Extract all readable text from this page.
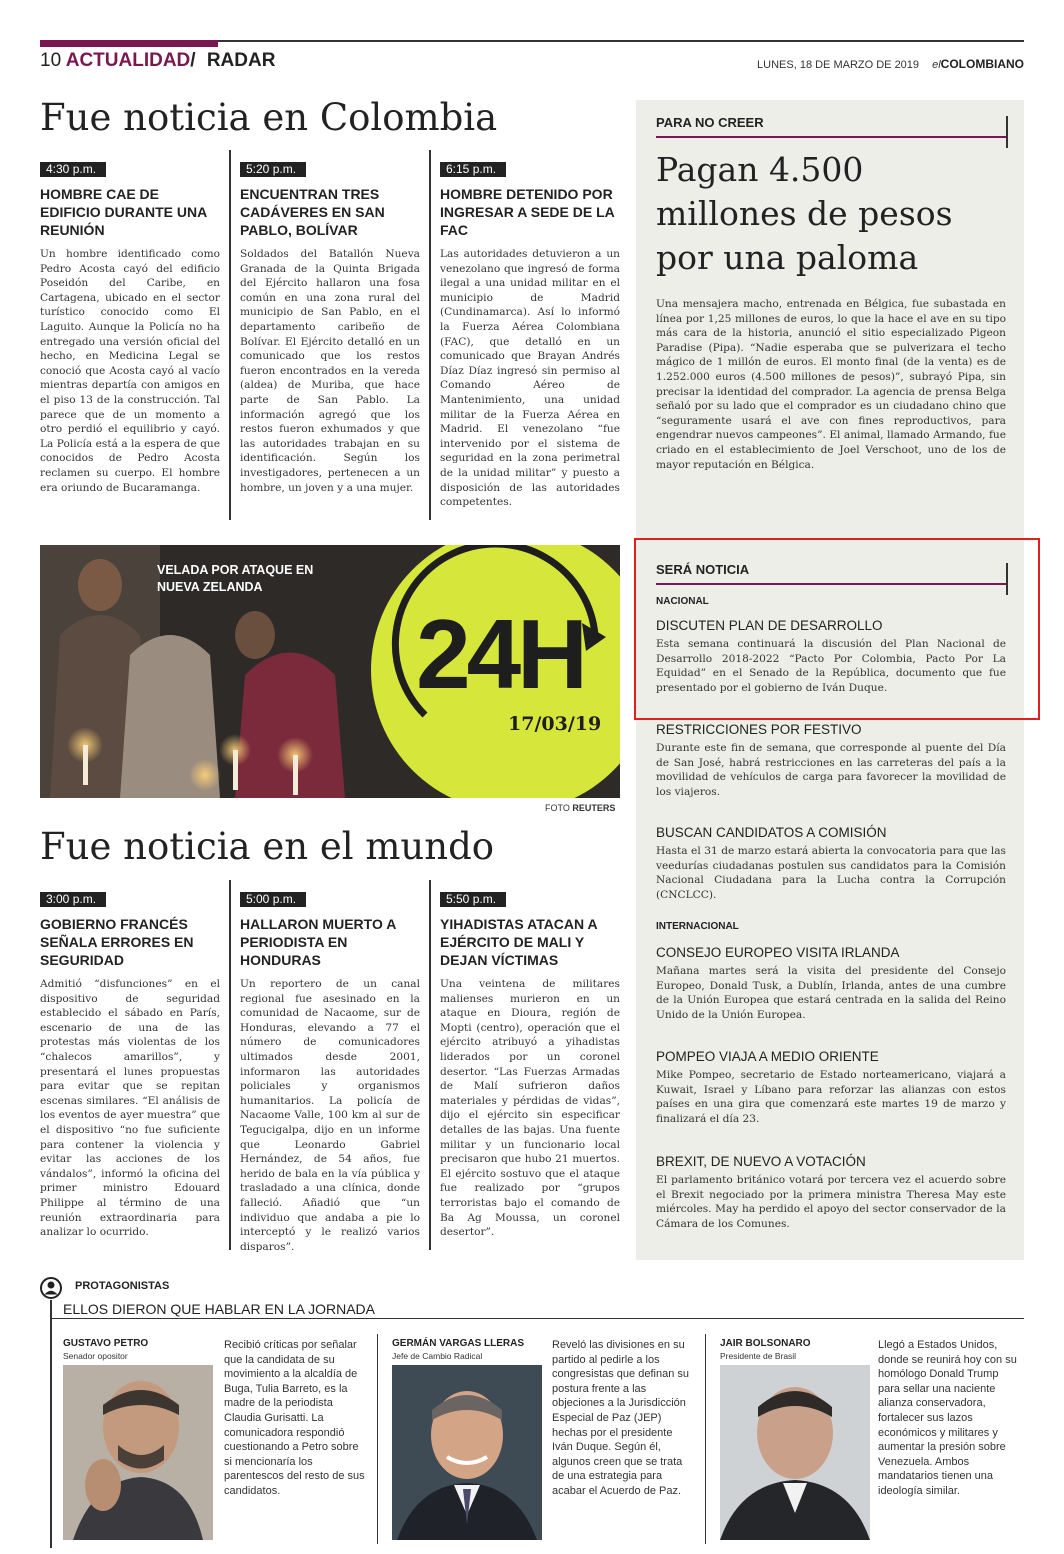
10 ACTUALIDAD/ RADAR	LUNES, 18 DE MARZO DE 2019 elCOLOMBIANO
Fue noticia en Colombia
4:30 p.m.
HOMBRE CAE DE EDIFICIO DURANTE UNA REUNIÓN
Un hombre identificado como Pedro Acosta cayó del edificio Poseidón del Caribe, en Cartagena, ubicado en el sector turístico conocido como El Laguito. Aunque la Policía no ha entregado una versión oficial del hecho, en Medicina Legal se conoció que Acosta cayó al vacío mientras departía con amigos en el piso 13 de la construcción. Tal parece que de un momento a otro perdió el equilibrio y cayó. La Policía está a la espera de que conocidos de Pedro Acosta reclamen su cuerpo. El hombre era oriundo de Bucaramanga.
5:20 p.m.
ENCUENTRAN TRES CADÁVERES EN SAN PABLO, BOLÍVAR
Soldados del Batallón Nueva Granada de la Quinta Brigada del Ejército hallaron una fosa común en una zona rural del municipio de San Pablo, en el departamento caribeño de Bolívar. El Ejército detalló en un comunicado que los restos fueron encontrados en la vereda (aldea) de Muriba, que hace parte de San Pablo. La información agregó que los restos fueron exhumados y que las autoridades trabajan en su identificación. Según los investigadores, pertenecen a un hombre, un joven y a una mujer.
6:15 p.m.
HOMBRE DETENIDO POR INGRESAR A SEDE DE LA FAC
Las autoridades detuvieron a un venezolano que ingresó de forma ilegal a una unidad militar en el municipio de Madrid (Cundinamarca). Así lo informó la Fuerza Aérea Colombiana (FAC), que detalló en un comunicado que Brayan Andrés Díaz Díaz ingresó sin permiso al Comando Aéreo de Mantenimiento, una unidad militar de la Fuerza Aérea en Madrid. El venezolano “fue intervenido por el sistema de seguridad en la zona perimetral de la unidad militar” y puesto a disposición de las autoridades competentes.
24H
17/03/19
VELADA POR ATAQUE EN NUEVA ZELANDA
FOTO REUTERS
Fue noticia en el mundo
3:00 p.m.
GOBIERNO FRANCÉS SEÑALA ERRORES EN SEGURIDAD
Admitió “disfunciones” en el dispositivo de seguridad establecido el sábado en París, escenario de una de las protestas más violentas de los “chalecos amarillos”, y presentará el lunes propuestas para evitar que se repitan escenas similares. “El análisis de los eventos de ayer muestra” que el dispositivo “no fue suficiente para contener la violencia y evitar las acciones de los vándalos”, informó la oficina del primer ministro Edouard Philippe al término de una reunión extraordinaria para analizar lo ocurrido.
5:00 p.m.
HALLARON MUERTO A PERIODISTA EN HONDURAS
Un reportero de un canal regional fue asesinado en la comunidad de Nacaome, sur de Honduras, elevando a 77 el número de comunicadores ultimados desde 2001, informaron las autoridades policiales y organismos humanitarios. La policía de Nacaome Valle, 100 km al sur de Tegucigalpa, dijo en un informe que Leonardo Gabriel Hernández, de 54 años, fue herido de bala en la vía pública y trasladado a una clínica, donde falleció. Añadió que “un individuo que andaba a pie lo interceptó y le realizó varios disparos”.
5:50 p.m.
YIHADISTAS ATACAN A EJÉRCITO DE MALI Y DEJAN VÍCTIMAS
Una veintena de militares malienses murieron en un ataque en Dioura, región de Mopti (centro), operación que el ejército atribuyó a yihadistas liderados por un coronel desertor. “Las Fuerzas Armadas de Malí sufrieron daños materiales y pérdidas de vidas”, dijo el ejército sin especificar detalles de las bajas. Una fuente militar y un funcionario local precisaron que hubo 21 muertos. El ejército sostuvo que el ataque fue realizado por “grupos terroristas bajo el comando de Ba Ag Moussa, un coronel desertor”.
PARA NO CREER
Pagan 4.500 millones de pesos por una paloma
Una mensajera macho, entrenada en Bélgica, fue subastada en línea por 1,25 millones de euros, lo que la hace el ave en su tipo más cara de la historia, anunció el sitio especializado Pigeon Paradise (Pipa). “Nadie esperaba que se pulverizara el techo mágico de 1 millón de euros. El monto final (de la venta) es de 1.252.000 euros (4.500 millones de pesos)”, subrayó Pipa, sin precisar la identidad del comprador. La agencia de prensa Belga señaló por su lado que el comprador es un ciudadano chino que “seguramente usará el ave con fines reproductivos, para engendrar nuevos campeones”. El animal, llamado Armando, fue criado en el establecimiento de Joel Verschoot, uno de los de mayor reputación en Bélgica.
SERÁ NOTICIA
NACIONAL
DISCUTEN PLAN DE DESARROLLO
Esta semana continuará la discusión del Plan Nacional de Desarrollo 2018-2022 “Pacto Por Colombia, Pacto Por La Equidad” en el Senado de la República, documento que fue presentado por el gobierno de Iván Duque.
RESTRICCIONES POR FESTIVO
Durante este fin de semana, que corresponde al puente del Día de San José, habrá restricciones en las carreteras del país a la movilidad de vehículos de carga para favorecer la movilidad de los viajeros.
BUSCAN CANDIDATOS A COMISIÓN
Hasta el 31 de marzo estará abierta la convocatoria para que las veedurías ciudadanas postulen sus candidatos para la Comisión Nacional Ciudadana para la Lucha contra la Corrupción (CNCLCC).
INTERNACIONAL
CONSEJO EUROPEO VISITA IRLANDA
Mañana martes será la visita del presidente del Consejo Europeo, Donald Tusk, a Dublín, Irlanda, antes de una cumbre de la Unión Europea que estará centrada en la salida del Reino Unido de la Unión Europea.
POMPEO VIAJA A MEDIO ORIENTE
Mike Pompeo, secretario de Estado norteamericano, viajará a Kuwait, Israel y Líbano para reforzar las alianzas con estos países en una gira que comenzará este martes 19 de marzo y finalizará el día 23.
BREXIT, DE NUEVO A VOTACIÓN
El parlamento británico votará por tercera vez el acuerdo sobre el Brexit negociado por la primera ministra Theresa May este miércoles. May ha perdido el apoyo del sector conservador de la Cámara de los Comunes.
PROTAGONISTAS
ELLOS DIERON QUE HABLAR EN LA JORNADA
GUSTAVO PETRO
Senador opositor
Recibió críticas por señalar que la candidata de su movimiento a la alcaldía de Buga, Tulia Barreto, es la madre de la periodista Claudia Gurisatti. La comunicadora respondió cuestionando a Petro sobre si mencionaría los parentescos del resto de sus candidatos.
GERMÁN VARGAS LLERAS
Jefe de Cambio Radical
Reveló las divisiones en su partido al pedirle a los congresistas que definan su postura frente a las objeciones a la Jurisdicción Especial de Paz (JEP) hechas por el presidente Iván Duque. Según él, algunos creen que se trata de una estrategia para acabar el Acuerdo de Paz.
JAIR BOLSONARO
Presidente de Brasil
Llegó a Estados Unidos, donde se reunirá hoy con su homólogo Donald Trump para sellar una naciente alianza conservadora, fortalecer sus lazos económicos y militares y aumentar la presión sobre Venezuela. Ambos mandatarios tienen una ideología similar.
